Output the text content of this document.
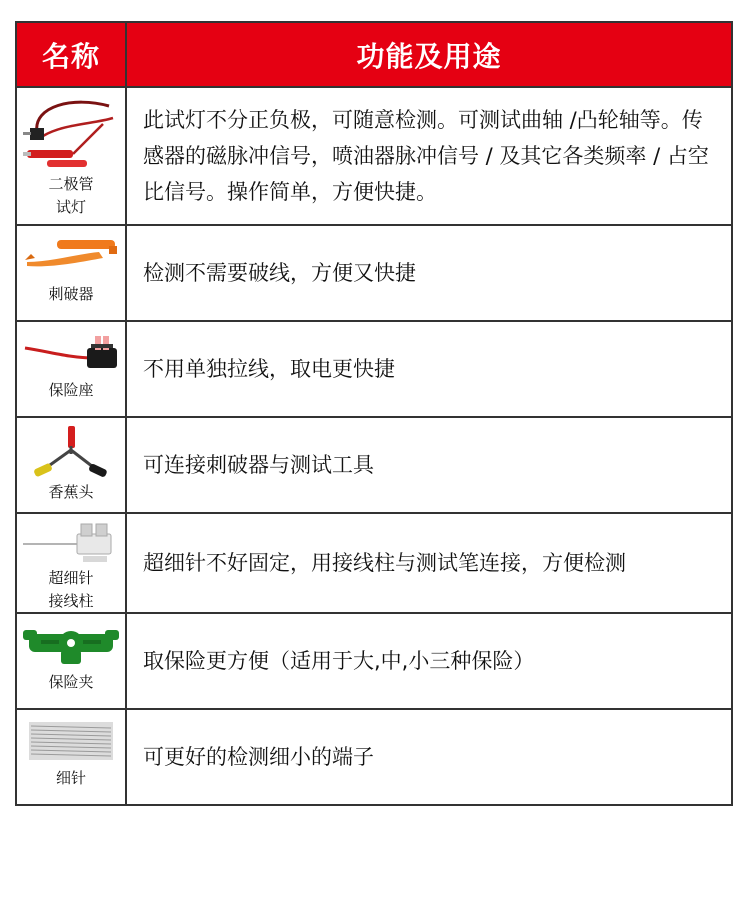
名称	功能及用途

二极管
试灯	此试灯不分正负极，可随意检测。可测试曲轴 /凸轮轴等。传感器的磁脉冲信号，喷油器脉冲信号 / 及其它各类频率 / 占空比信号。操作简单，方便快捷。

刺破器	检测不需要破线，方便又快捷

保险座	不用单独拉线，取电更快捷

香蕉头	可连接刺破器与测试工具

超细针
接线柱	超细针不好固定，用接线柱与测试笔连接，方便检测

保险夹	取保险更方便（适用于大,中,小三种保险）

细针	可更好的检测细小的端子
